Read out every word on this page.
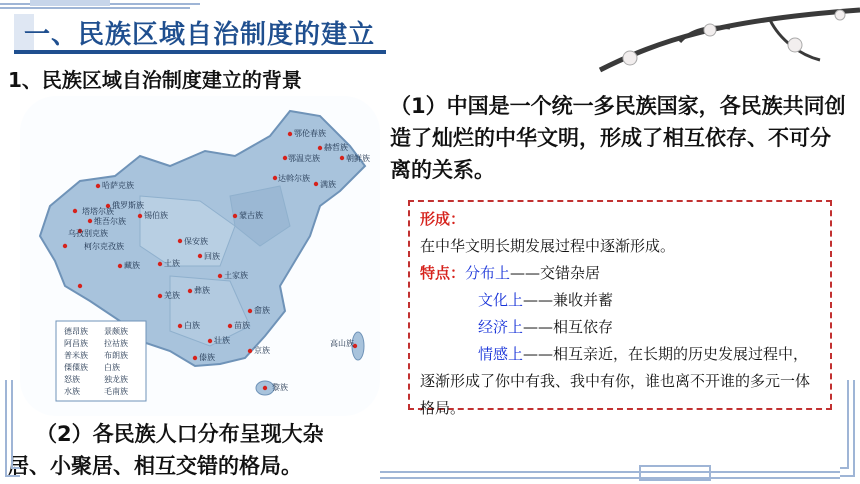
一、民族区域自治制度的建立
1、民族区域自治制度建立的背景
鄂伦春族
赫哲族
鄂温克族	朝鲜族
哈萨克族
俄罗斯族
塔塔尔族
达斡尔族
满族
维吾尔族
乌孜别克族
柯尔克孜族
锡伯族	蒙古族
保安族
回族
土族
藏族
羌族
彝族
土家族
畲族
苗族
壮族
白族
傣族
京族
高山族
黎族
德昂族 景颇族
阿昌族 拉祜族
普米族 布朗族
傈僳族 白族
怒族	独龙族
水族	毛南族
（1）中国是一个统一多民族国家，各民族共同创造了灿烂的中华文明，形成了相互依存、不可分离的关系。
形成：
在中华文明长期发展过程中逐渐形成。
特点：分布上——交错杂居
文化上——兼收并蓄
经济上——相互依存
情感上——相互亲近，在长期的历史发展过程中，逐渐形成了你中有我、我中有你，谁也离不开谁的多元一体格局。
（2）各民族人口分布呈现大杂
居、小聚居、相互交错的格局。
